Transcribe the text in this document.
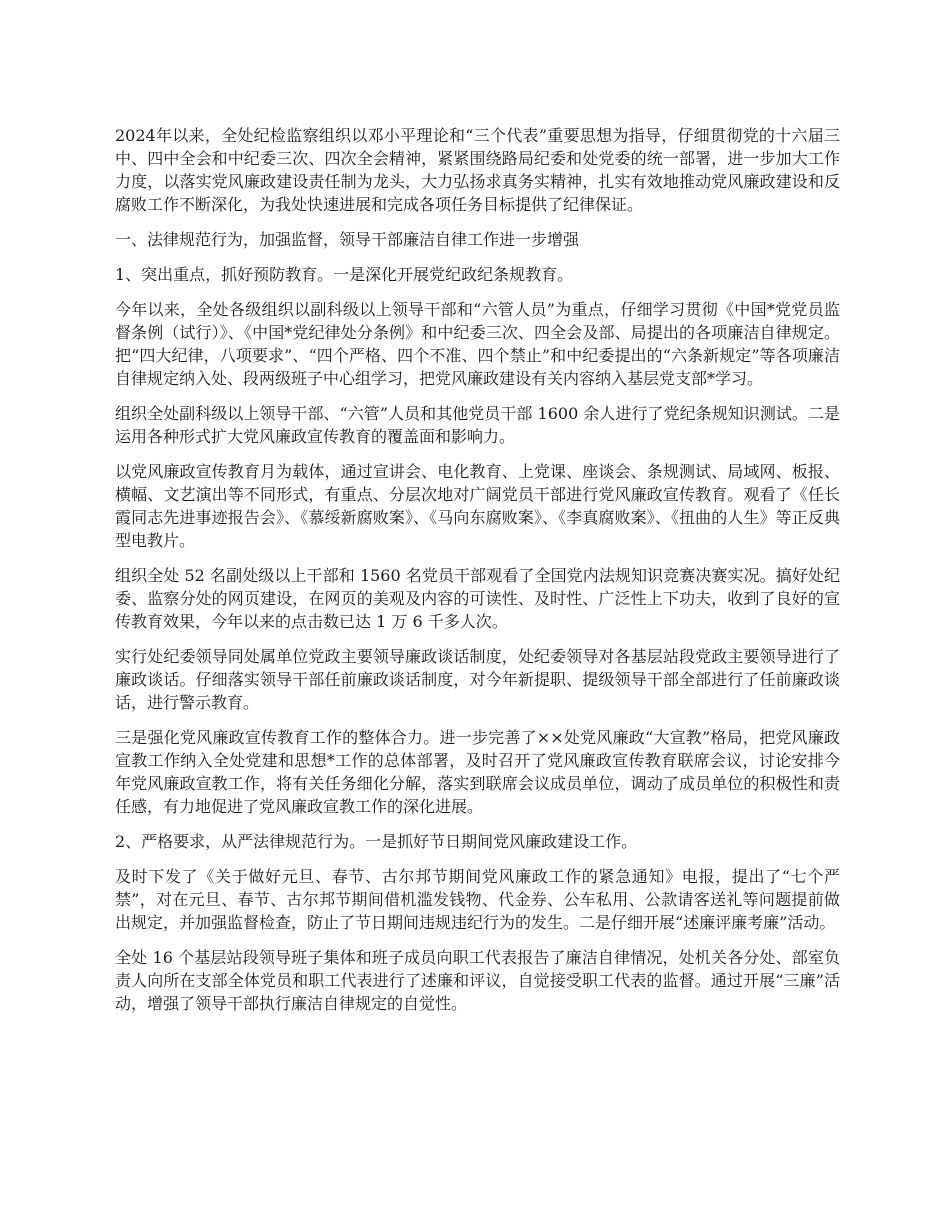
2024年以来，全处纪检监察组织以邓小平理论和“三个代表”重要思想为指导，仔细贯彻党的十六届三中、四中全会和中纪委三次、四次全会精神，紧紧围绕路局纪委和处党委的统一部署，进一步加大工作力度，以落实党风廉政建设责任制为龙头，大力弘扬求真务实精神，扎实有效地推动党风廉政建设和反腐败工作不断深化，为我处快速进展和完成各项任务目标提供了纪律保证。

一、法律规范行为，加强监督，领导干部廉洁自律工作进一步增强

1、突出重点，抓好预防教育。一是深化开展党纪政纪条规教育。

今年以来，全处各级组织以副科级以上领导干部和“六管人员”为重点，仔细学习贯彻《中国*党党员监督条例（试行）》、《中国*党纪律处分条例》和中纪委三次、四全会及部、局提出的各项廉洁自律规定。把“四大纪律，八项要求”、“四个严格、四个不准、四个禁止”和中纪委提出的“六条新规定”等各项廉洁自律规定纳入处、段两级班子中心组学习，把党风廉政建设有关内容纳入基层党支部*学习。

组织全处副科级以上领导干部、“六管”人员和其他党员干部 1600 余人进行了党纪条规知识测试。二是运用各种形式扩大党风廉政宣传教育的覆盖面和影响力。

以党风廉政宣传教育月为载体，通过宣讲会、电化教育、上党课、座谈会、条规测试、局域网、板报、横幅、文艺演出等不同形式，有重点、分层次地对广阔党员干部进行党风廉政宣传教育。观看了《任长霞同志先进事迹报告会》、《慕绥新腐败案》、《马向东腐败案》、《李真腐败案》、《扭曲的人生》等正反典型电教片。

组织全处 52 名副处级以上干部和 1560 名党员干部观看了全国党内法规知识竞赛决赛实况。搞好处纪委、监察分处的网页建设，在网页的美观及内容的可读性、及时性、广泛性上下功夫，收到了良好的宣传教育效果，今年以来的点击数已达 1 万 6 千多人次。

实行处纪委领导同处属单位党政主要领导廉政谈话制度，处纪委领导对各基层站段党政主要领导进行了廉政谈话。仔细落实领导干部任前廉政谈话制度，对今年新提职、提级领导干部全部进行了任前廉政谈话，进行警示教育。

三是强化党风廉政宣传教育工作的整体合力。进一步完善了××处党风廉政“大宣教”格局，把党风廉政宣教工作纳入全处党建和思想*工作的总体部署，及时召开了党风廉政宣传教育联席会议，讨论安排今年党风廉政宣教工作，将有关任务细化分解，落实到联席会议成员单位，调动了成员单位的积极性和责任感，有力地促进了党风廉政宣教工作的深化进展。

2、严格要求，从严法律规范行为。一是抓好节日期间党风廉政建设工作。

及时下发了《关于做好元旦、春节、古尔邦节期间党风廉政工作的紧急通知》电报，提出了“七个严禁”，对在元旦、春节、古尔邦节期间借机滥发钱物、代金券、公车私用、公款请客送礼等问题提前做出规定，并加强监督检查，防止了节日期间违规违纪行为的发生。二是仔细开展“述廉评廉考廉”活动。

全处 16 个基层站段领导班子集体和班子成员向职工代表报告了廉洁自律情况，处机关各分处、部室负责人向所在支部全体党员和职工代表进行了述廉和评议，自觉接受职工代表的监督。通过开展“三廉”活动，增强了领导干部执行廉洁自律规定的自觉性。
